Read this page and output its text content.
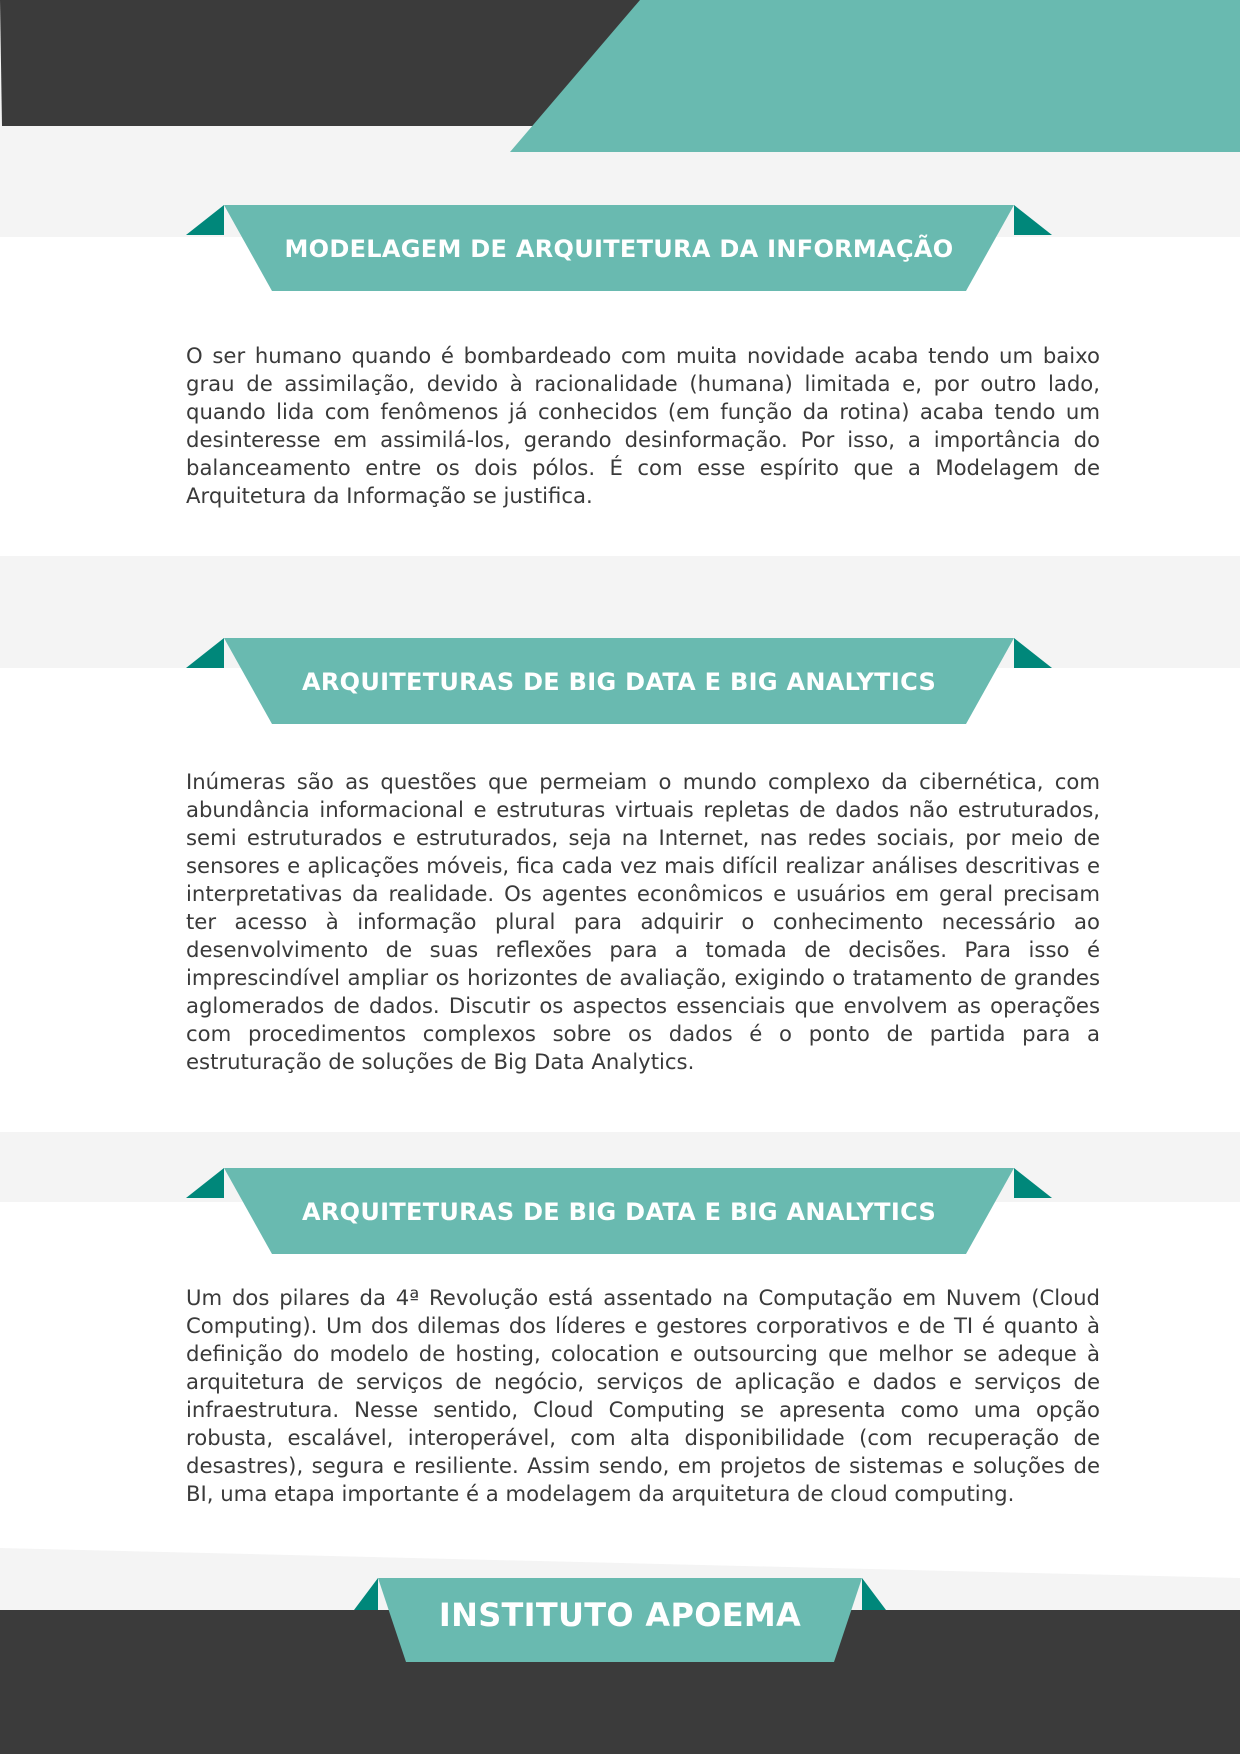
MODELAGEM DE ARQUITETURA DA INFORMAÇÃO

O ser humano quando é bombardeado com muita novidade acaba tendo um baixo grau de assimilação, devido à racionalidade (humana) limitada e, por outro lado, quando lida com fenômenos já conhecidos (em função da rotina) acaba tendo um desinteresse em assimilá-los, gerando desinformação. Por isso, a importância do balanceamento entre os dois pólos. É com esse espírito que a Modelagem de Arquitetura da Informação se justifica.

ARQUITETURAS DE BIG DATA E BIG ANALYTICS

Inúmeras são as questões que permeiam o mundo complexo da cibernética, com abundância informacional e estruturas virtuais repletas de dados não estruturados, semi estruturados e estruturados, seja na Internet, nas redes sociais, por meio de sensores e aplicações móveis, fica cada vez mais difícil realizar análises descritivas e interpretativas da realidade. Os agentes econômicos e usuários em geral precisam ter acesso à informação plural para adquirir o conhecimento necessário ao desenvolvimento de suas reflexões para a tomada de decisões. Para isso é imprescindível ampliar os horizontes de avaliação, exigindo o tratamento de grandes aglomerados de dados. Discutir os aspectos essenciais que envolvem as operações com procedimentos complexos sobre os dados é o ponto de partida para a estruturação de soluções de Big Data Analytics.

ARQUITETURAS DE BIG DATA E BIG ANALYTICS

Um dos pilares da 4ª Revolução está assentado na Computação em Nuvem (Cloud Computing). Um dos dilemas dos líderes e gestores corporativos e de TI é quanto à definição do modelo de hosting, colocation e outsourcing que melhor se adeque à arquitetura de serviços de negócio, serviços de aplicação e dados e serviços de infraestrutura. Nesse sentido, Cloud Computing se apresenta como uma opção robusta, escalável, interoperável, com alta disponibilidade (com recuperação de desastres), segura e resiliente. Assim sendo, em projetos de sistemas e soluções de BI, uma etapa importante é a modelagem da arquitetura de cloud computing.

INSTITUTO APOEMA
